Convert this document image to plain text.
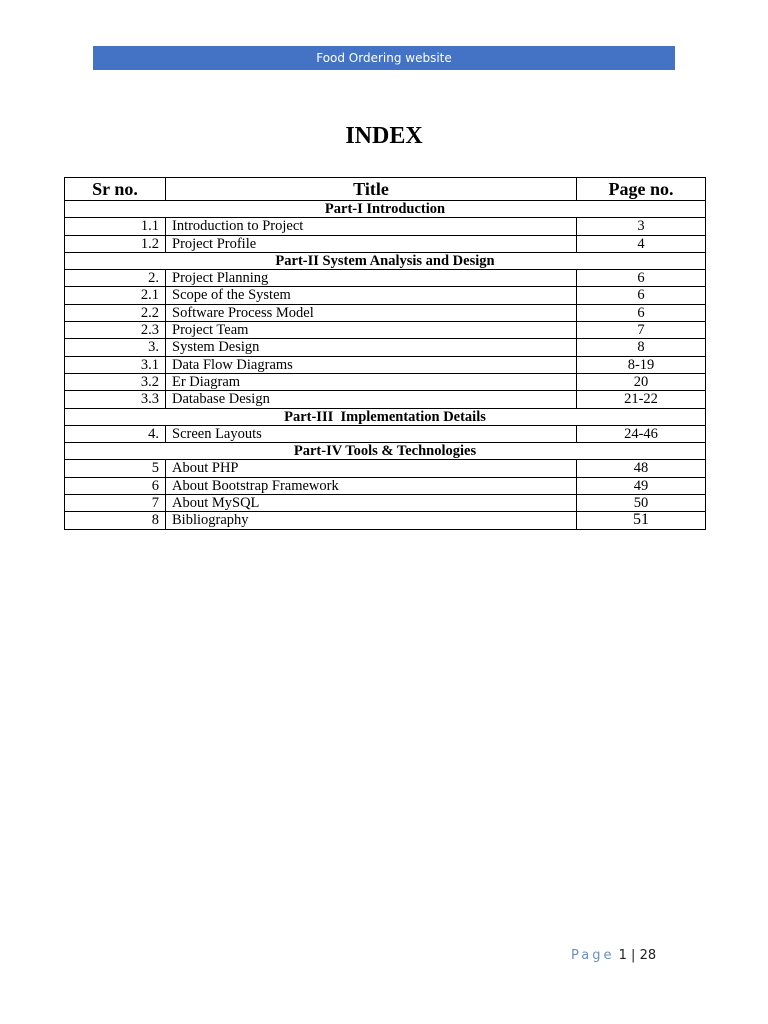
Food Ordering website
INDEX
Sr no.	Title	Page no.
Part-I Introduction		
1.1	Introduction to Project	3
1.2	Project Profile	4
Part-II System Analysis and Design		
2.	Project Planning	6
2.1	Scope of the System	6
2.2	Software Process Model	6
2.3	Project Team	7
3.	System Design	8
3.1	Data Flow Diagrams	8-19
3.2	Er Diagram	20
3.3	Database Design	21-22
Part-III  Implementation Details		
4.	Screen Layouts	24-46
Part-IV Tools & Technologies		
5	About PHP	48
6	About Bootstrap Framework	49
7	About MySQL	50
8	Bibliography	51
Page 1 | 28
